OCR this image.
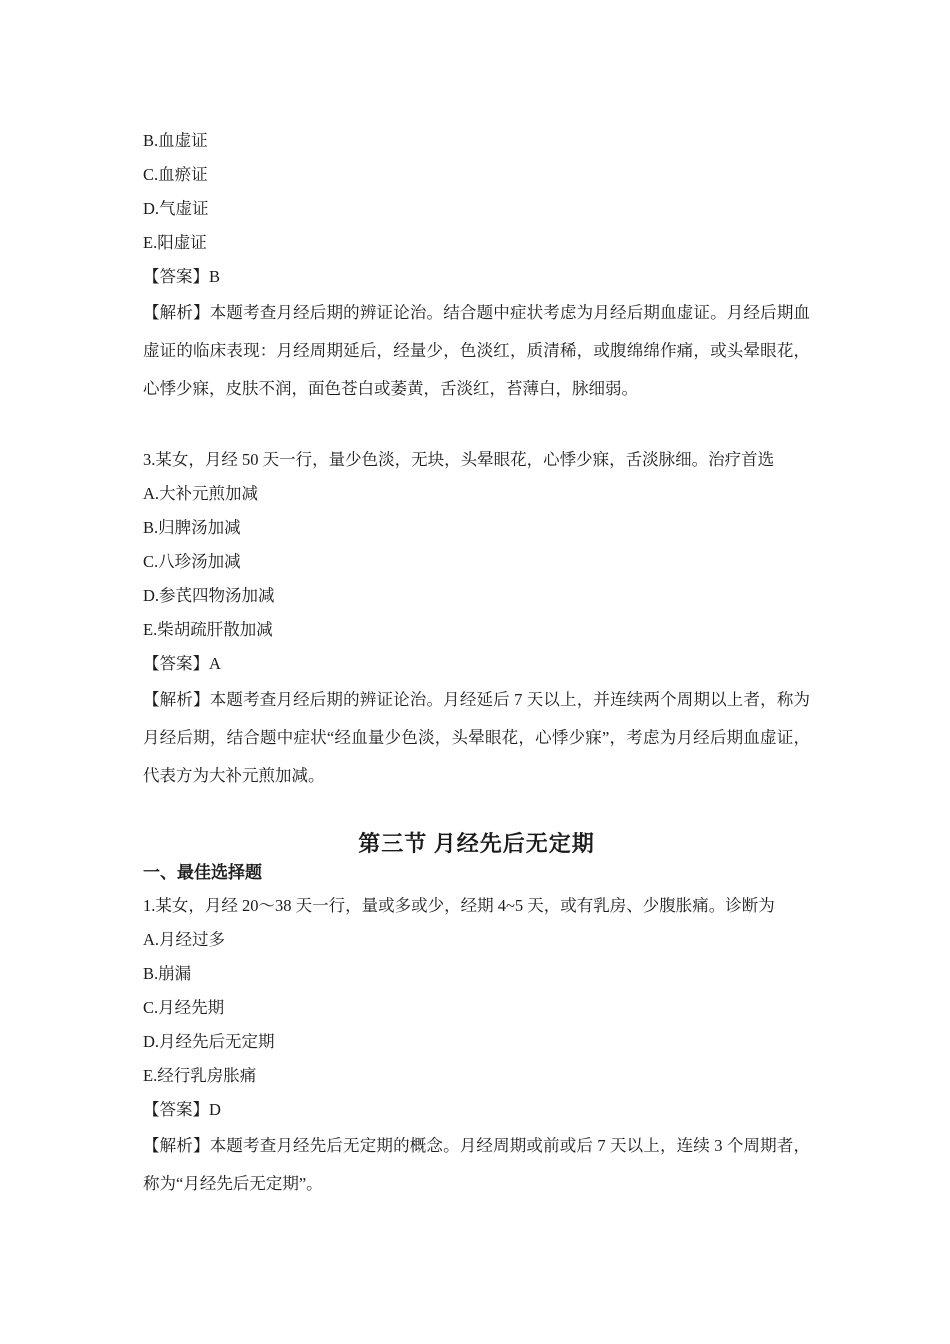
B.血虚证
C.血瘀证
D.气虚证
E.阳虚证
【答案】B

【解析】本题考查月经后期的辨证论治。结合题中症状考虑为月经后期血虚证。月经后期血虚证的临床表现：月经周期延后，经量少，色淡红，质清稀，或腹绵绵作痛，或头晕眼花，心悸少寐，皮肤不润，面色苍白或萎黄，舌淡红，苔薄白，脉细弱。

3.某女，月经 50 天一行，量少色淡，无块，头晕眼花，心悸少寐，舌淡脉细。治疗首选
A.大补元煎加减
B.归脾汤加减
C.八珍汤加减
D.参芪四物汤加减
E.柴胡疏肝散加减
【答案】A

【解析】本题考查月经后期的辨证论治。月经延后 7 天以上，并连续两个周期以上者，称为月经后期，结合题中症状“经血量少色淡，头晕眼花，心悸少寐”，考虑为月经后期血虚证，代表方为大补元煎加减。

第三节 月经先后无定期
一、最佳选择题
1.某女，月经 20～38 天一行，量或多或少，经期 4~5 天，或有乳房、少腹胀痛。诊断为
A.月经过多
B.崩漏
C.月经先期
D.月经先后无定期
E.经行乳房胀痛
【答案】D

【解析】本题考查月经先后无定期的概念。月经周期或前或后 7 天以上，连续 3 个周期者，称为“月经先后无定期”。
